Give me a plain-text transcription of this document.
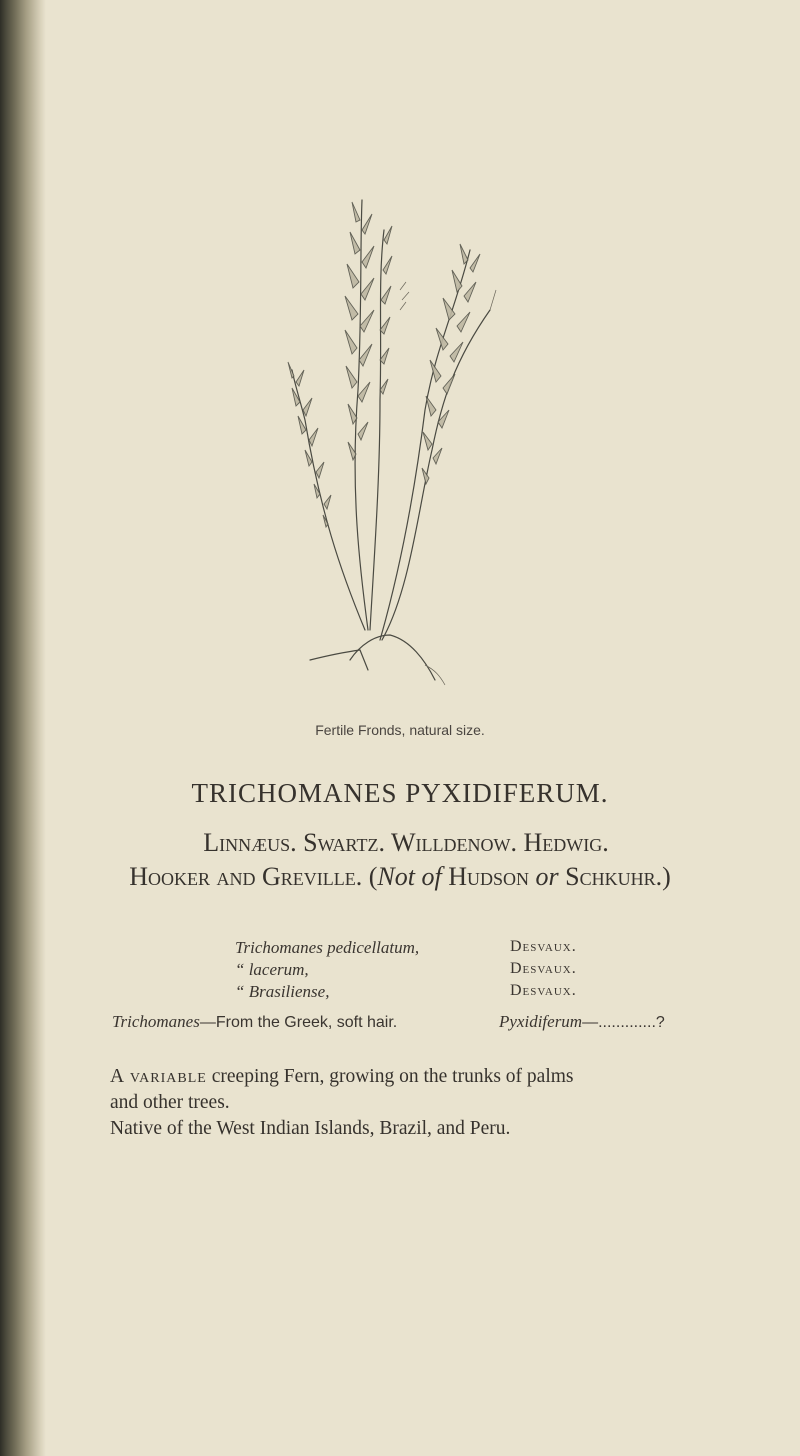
Fertile Fronds, natural size.
TRICHOMANES PYXIDIFERUM.
Linnæus. Swartz. Willdenow. Hedwig.
Hooker and Greville. (Not of Hudson or Schkuhr.)
Trichomanes pedicellatum,	Desvaux.
“ lacerum,	Desvaux.
“ Brasiliense,	Desvaux.
Trichomanes—From the Greek, soft hair.	Pyxidiferum—.............?
A variable creeping Fern, growing on the trunks of palms
and other trees.
Native of the West Indian Islands, Brazil, and Peru.
